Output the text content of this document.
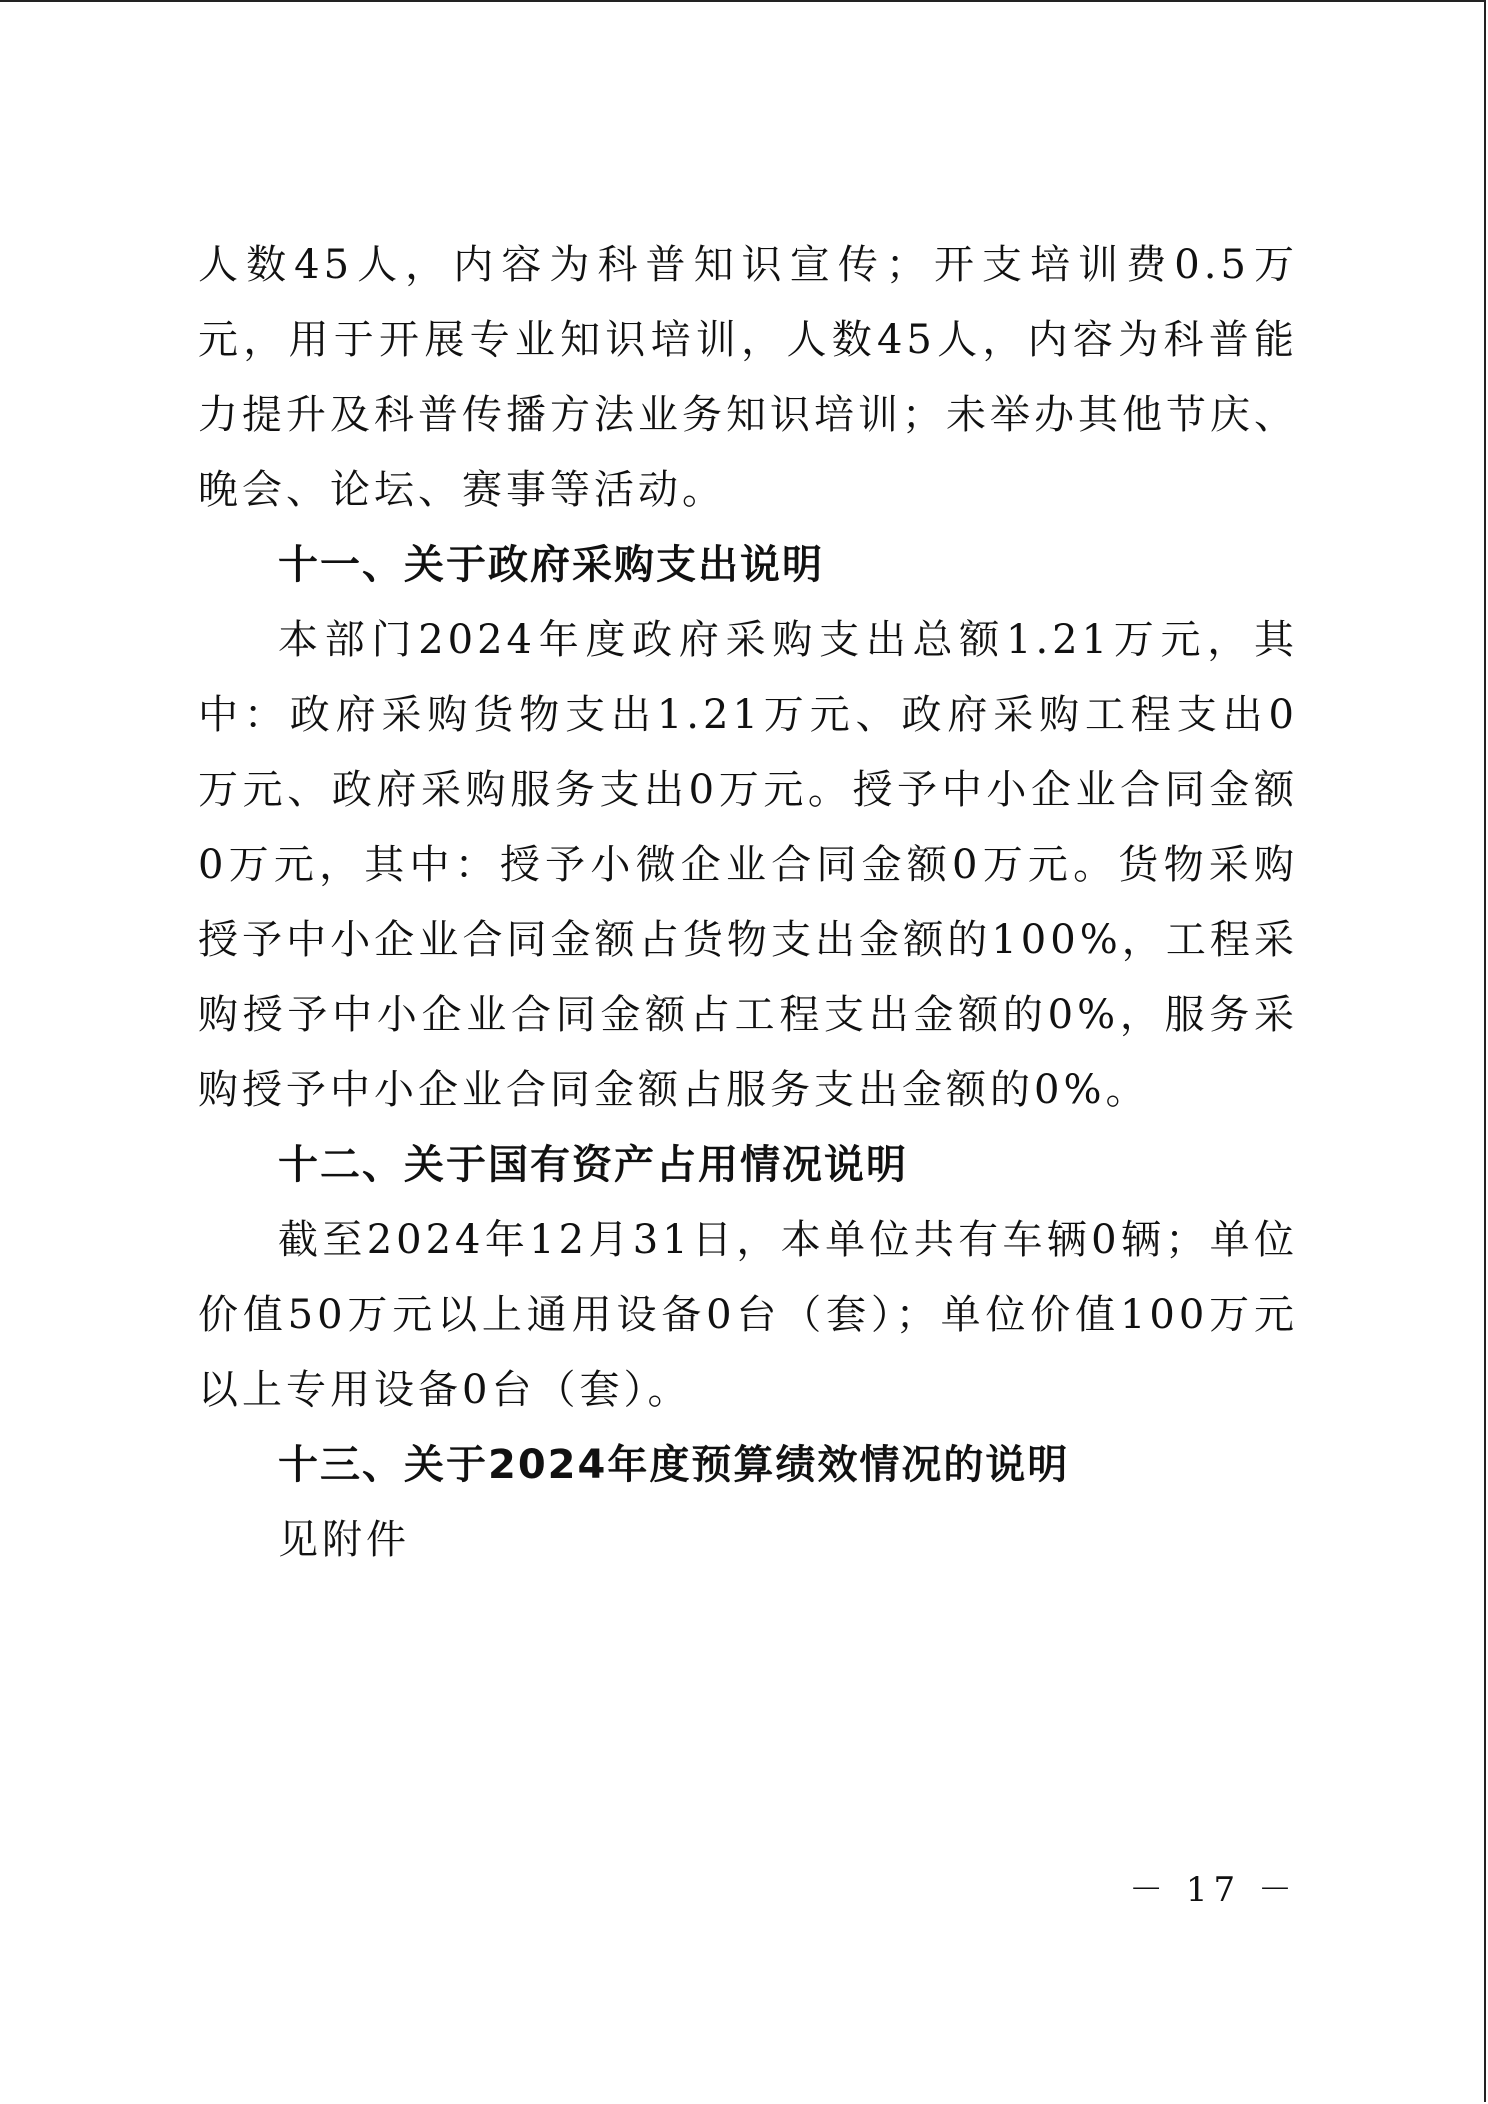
人数45人，内容为科普知识宣传；开支培训费0.5万元，用于开展专业知识培训，人数45人，内容为科普能力提升及科普传播方法业务知识培训；未举办其他节庆、晚会、论坛、赛事等活动。

十一、关于政府采购支出说明

本部门2024年度政府采购支出总额1.21万元，其中：政府采购货物支出1.21万元、政府采购工程支出0万元、政府采购服务支出0万元。授予中小企业合同金额0万元，其中：授予小微企业合同金额0万元。货物采购授予中小企业合同金额占货物支出金额的100%，工程采购授予中小企业合同金额占工程支出金额的0%，服务采购授予中小企业合同金额占服务支出金额的0%。

十二、关于国有资产占用情况说明

截至2024年12月31日，本单位共有车辆0辆；单位价值50万元以上通用设备0台（套）；单位价值100万元以上专用设备0台（套）。

十三、关于2024年度预算绩效情况的说明

见附件

－ 17 －
